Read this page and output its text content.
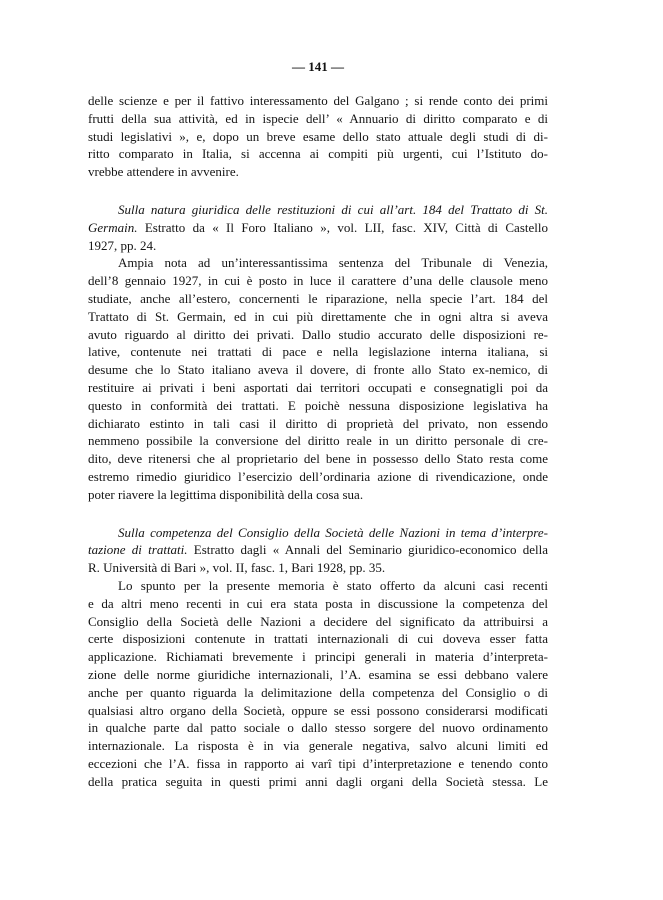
— 141 —
delle scienze e per il fattivo interessamento del Galgano ; si rende conto dei primi
frutti della sua attività, ed in ispecie dell’ « Annuario di diritto comparato e di
studi legislativi », e, dopo un breve esame dello stato attuale degli studi di di-
ritto comparato in Italia, si accenna ai compiti più urgenti, cui l’Istituto do-
vrebbe attendere in avvenire.
Sulla natura giuridica delle restituzioni di cui all’art. 184 del Trattato di St.
Germain. Estratto da « Il Foro Italiano », vol. LII, fasc. XIV, Città di Castello
1927, pp. 24.
Ampia nota ad un’interessantissima sentenza del Tribunale di Venezia,
dell’8 gennaio 1927, in cui è posto in luce il carattere d’una delle clausole meno
studiate, anche all’estero, concernenti le riparazione, nella specie l’art. 184 del
Trattato di St. Germain, ed in cui più direttamente che in ogni altra si aveva
avuto riguardo al diritto dei privati. Dallo studio accurato delle disposizioni re-
lative, contenute nei trattati di pace e nella legislazione interna italiana, si
desume che lo Stato italiano aveva il dovere, di fronte allo Stato ex-nemico, di
restituire ai privati i beni asportati dai territori occupati e consegnatigli poi da
questo in conformità dei trattati. E poichè nessuna disposizione legislativa ha
dichiarato estinto in tali casi il diritto di proprietà del privato, non essendo
nemmeno possibile la conversione del diritto reale in un diritto personale di cre-
dito, deve ritenersi che al proprietario del bene in possesso dello Stato resta come
estremo rimedio giuridico l’esercizio dell’ordinaria azione di rivendicazione, onde
poter riavere la legittima disponibilità della cosa sua.
Sulla competenza del Consiglio della Società delle Nazioni in tema d’interpre-
tazione di trattati. Estratto dagli « Annali del Seminario giuridico-economico della
R. Università di Bari », vol. II, fasc. 1, Bari 1928, pp. 35.
Lo spunto per la presente memoria è stato offerto da alcuni casi recenti
e da altri meno recenti in cui era stata posta in discussione la competenza del
Consiglio della Società delle Nazioni a decidere del significato da attribuirsi a
certe disposizioni contenute in trattati internazionali di cui doveva esser fatta
applicazione. Richiamati brevemente i principi generali in materia d’interpreta-
zione delle norme giuridiche internazionali, l’A. esamina se essi debbano valere
anche per quanto riguarda la delimitazione della competenza del Consiglio o di
qualsiasi altro organo della Società, oppure se essi possono considerarsi modificati
in qualche parte dal patto sociale o dallo stesso sorgere del nuovo ordinamento
internazionale. La risposta è in via generale negativa, salvo alcuni limiti ed
eccezioni che l’A. fissa in rapporto ai varî tipi d’interpretazione e tenendo conto
della pratica seguita in questi primi anni dagli organi della Società stessa. Le
